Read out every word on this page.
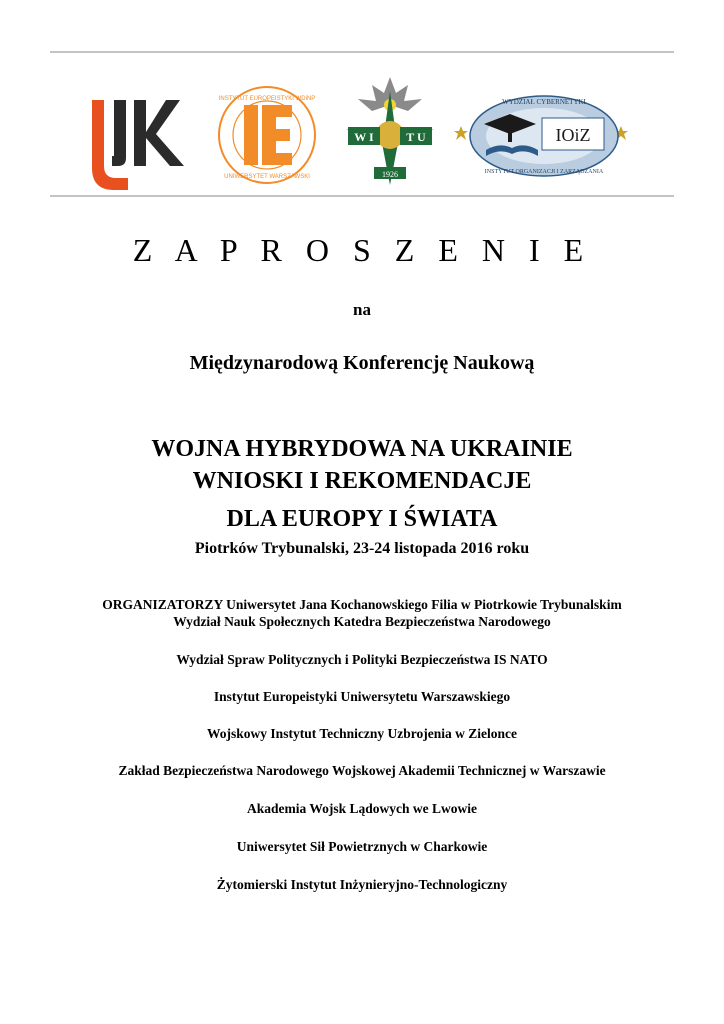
INSTYTUT EUROPEISTYKI WDiNP
UNIWERSYTET WARSZAWSKI
W I	T U
1926
WYDZIAŁ CYBERNETYKI
INSTYTUT ORGANIZACJI I ZARZĄDZANIA
IOiZ
Z A P R O S Z E N I E

na

Międzynarodową Konferencję Naukową

WOJNA HYBRYDOWA NA UKRAINIE

WNIOSKI I REKOMENDACJE

DLA EUROPY I ŚWIATA

Piotrków Trybunalski, 23-24 listopada 2016 roku

ORGANIZATORZY Uniwersytet Jana Kochanowskiego Filia w Piotrkowie Trybunalskim

Wydział Nauk Społecznych Katedra Bezpieczeństwa Narodowego

Wydział Spraw Politycznych i Polityki Bezpieczeństwa IS NATO

Instytut Europeistyki Uniwersytetu Warszawskiego

Wojskowy Instytut Techniczny Uzbrojenia w Zielonce

Zakład Bezpieczeństwa Narodowego Wojskowej Akademii Technicznej w Warszawie

Akademia Wojsk Lądowych we Lwowie

Uniwersytet Sił Powietrznych w Charkowie

Żytomierski Instytut Inżynieryjno-Technologiczny
